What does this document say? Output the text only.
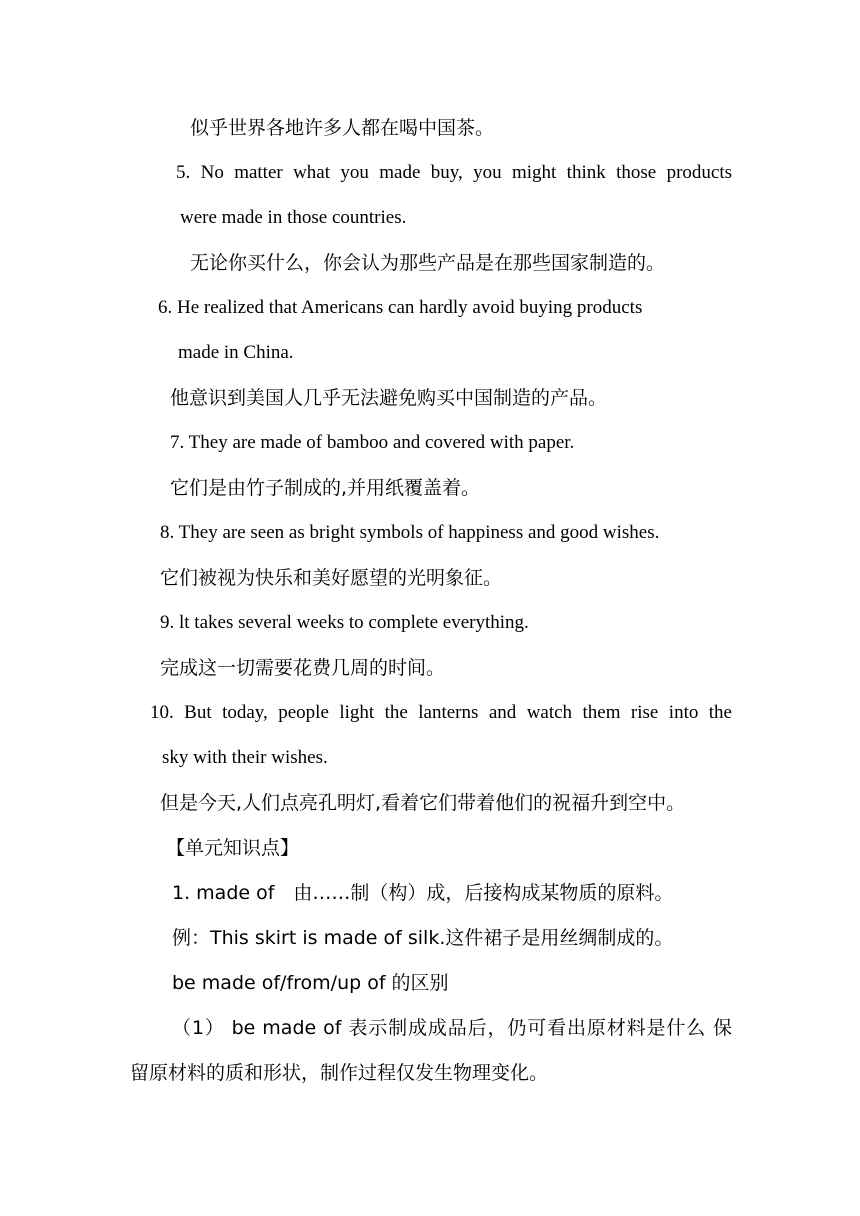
似乎世界各地许多人都在喝中国茶。
5. No matter what you made buy, you might think those products
were made in those countries.
无论你买什么，你会认为那些产品是在那些国家制造的。
6. He realized that Americans can hardly avoid buying products
made in China.
他意识到美国人几乎无法避免购买中国制造的产品。
7. They are made of bamboo and covered with paper.
它们是由竹子制成的,并用纸覆盖着。
8. They are seen as bright symbols of happiness and good wishes.
它们被视为快乐和美好愿望的光明象征。
9. lt takes several weeks to complete everything.
完成这一切需要花费几周的时间。
10. But today, people light the lanterns and watch them rise into the
sky with their wishes.
但是今天,人们点亮孔明灯,看着它们带着他们的祝福升到空中。
【单元知识点】
1. made of　由……制（构）成，后接构成某物质的原料。
例：This skirt is made of silk.这件裙子是用丝绸制成的。
be made of/from/up of 的区别
（1） be made of 表示制成成品后，仍可看出原材料是什么 保
留原材料的质和形状，制作过程仅发生物理变化。
